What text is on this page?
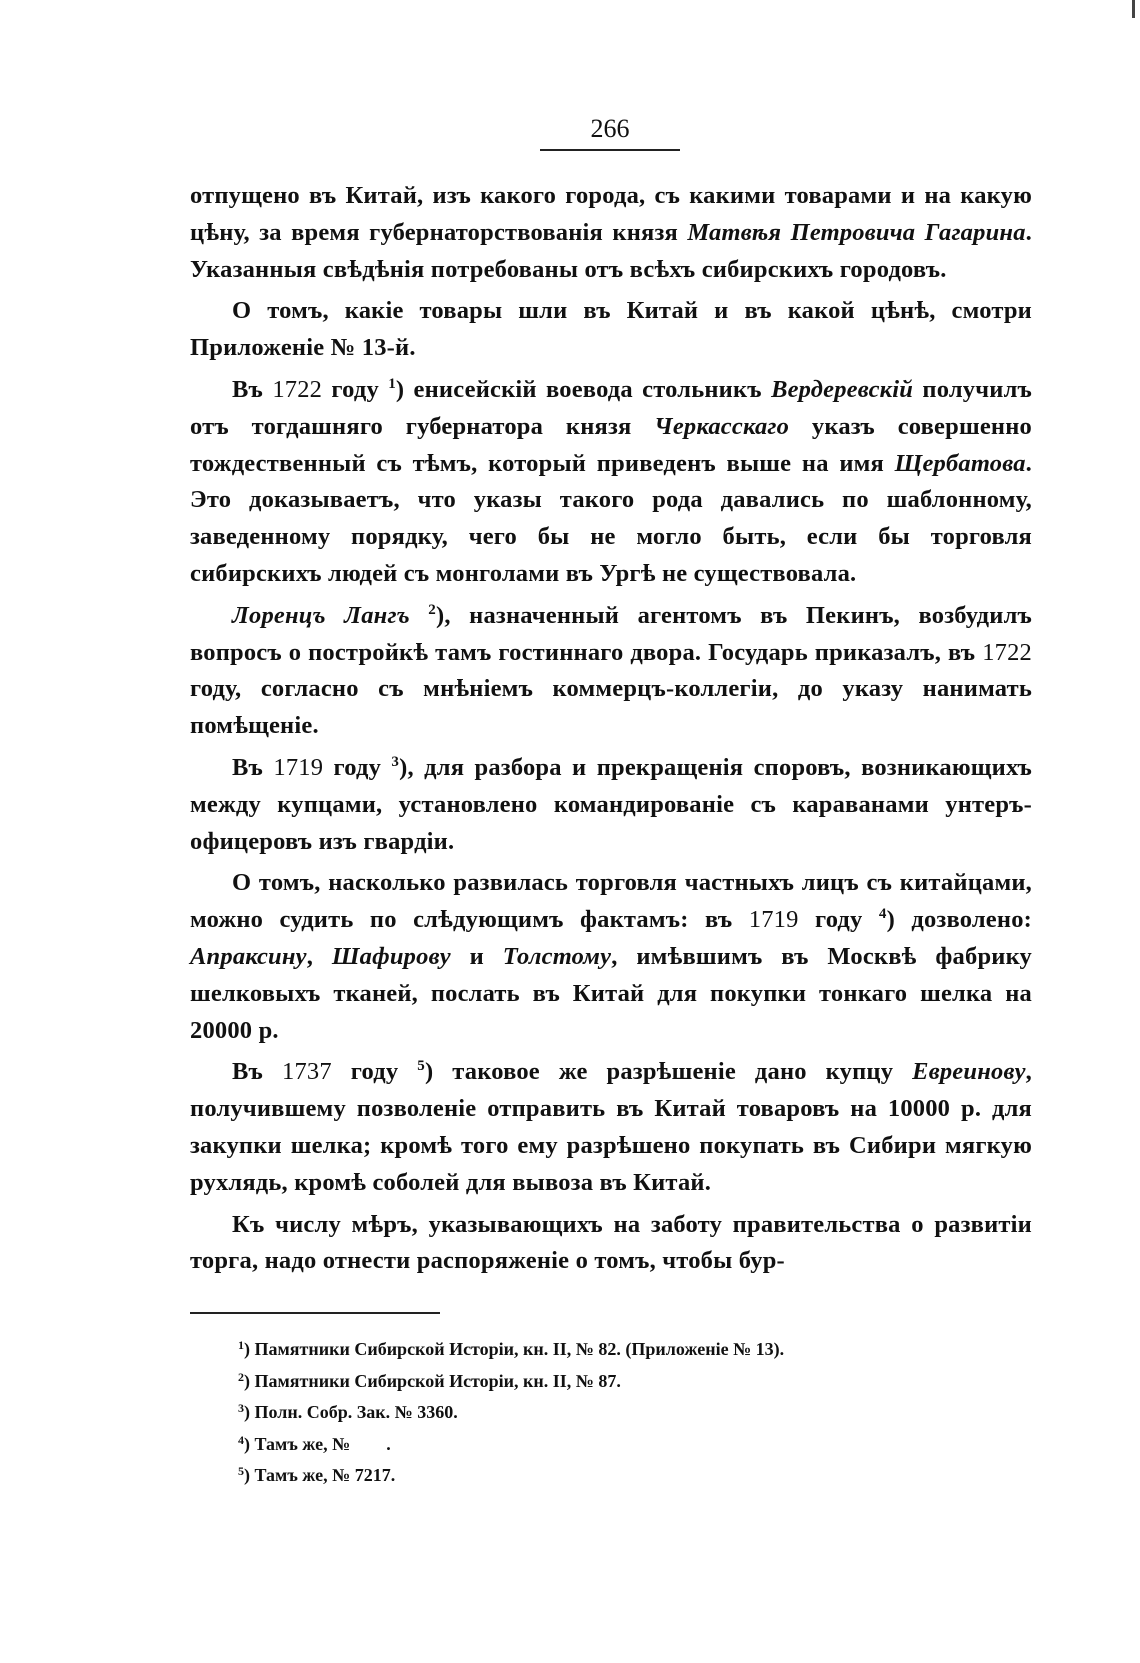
266

отпущено въ Китай, изъ какого города, съ какими товарами и на какую цѣну, за время губернаторствованія князя Матвѣя Петровича Гагарина. Указанныя свѣдѣнія потребованы отъ всѣхъ сибирскихъ городовъ.

О томъ, какіе товары шли въ Китай и въ какой цѣнѣ, смотри Приложеніе № 13-й.

Въ 1722 году $^1$) енисейскій воевода стольникъ Вердеревскій получилъ отъ тогдашняго губернатора князя Черкасскаго указъ совершенно тождественный съ тѣмъ, который приведенъ выше на имя Щербатова. Это доказываетъ, что указы такого рода давались по шаблонному, заведенному порядку, чего бы не могло быть, если бы торговля сибирскихъ людей съ монголами въ Ургѣ не существовала.

Лоренцъ Лангъ $^2$), назначенный агентомъ въ Пекинъ, возбудилъ вопросъ о постройкѣ тамъ гостиннаго двора. Государь приказалъ, въ 1722 году, согласно съ мнѣніемъ коммерцъ-коллегіи, до указу нанимать помѣщеніе.

Въ 1719 году $^3$), для разбора и прекращенія споровъ, возникающихъ между купцами, установлено командированіе съ караванами унтеръ-офицеровъ изъ гвардіи.

О томъ, насколько развилась торговля частныхъ лицъ съ китайцами, можно судить по слѣдующимъ фактамъ: въ 1719 году $^4$) дозволено: Апраксину, Шафирову и Толстому, имѣвшимъ въ Москвѣ фабрику шелковыхъ тканей, послать въ Китай для покупки тонкаго шелка на 20000 р.

Въ 1737 году $^5$) таковое же разрѣшеніе дано купцу Евреинову, получившему позволеніе отправить въ Китай товаровъ на 10000 р. для закупки шелка; кромѣ того ему разрѣшено покупать въ Сибири мягкую рухлядь, кромѣ соболей для вывоза въ Китай.

Къ числу мѣръ, указывающихъ на заботу правительства о развитіи торга, надо отнести распоряженіе о томъ, чтобы бур-

$^1$) Памятники Сибирской Исторіи, кн. II, № 82. (Приложеніе № 13).
$^2$) Памятники Сибирской Исторіи, кн. II, № 87.
$^3$) Полн. Собр. Зак. № 3360.
$^4$) Тамъ же, №        .
$^5$) Тамъ же, № 7217.
